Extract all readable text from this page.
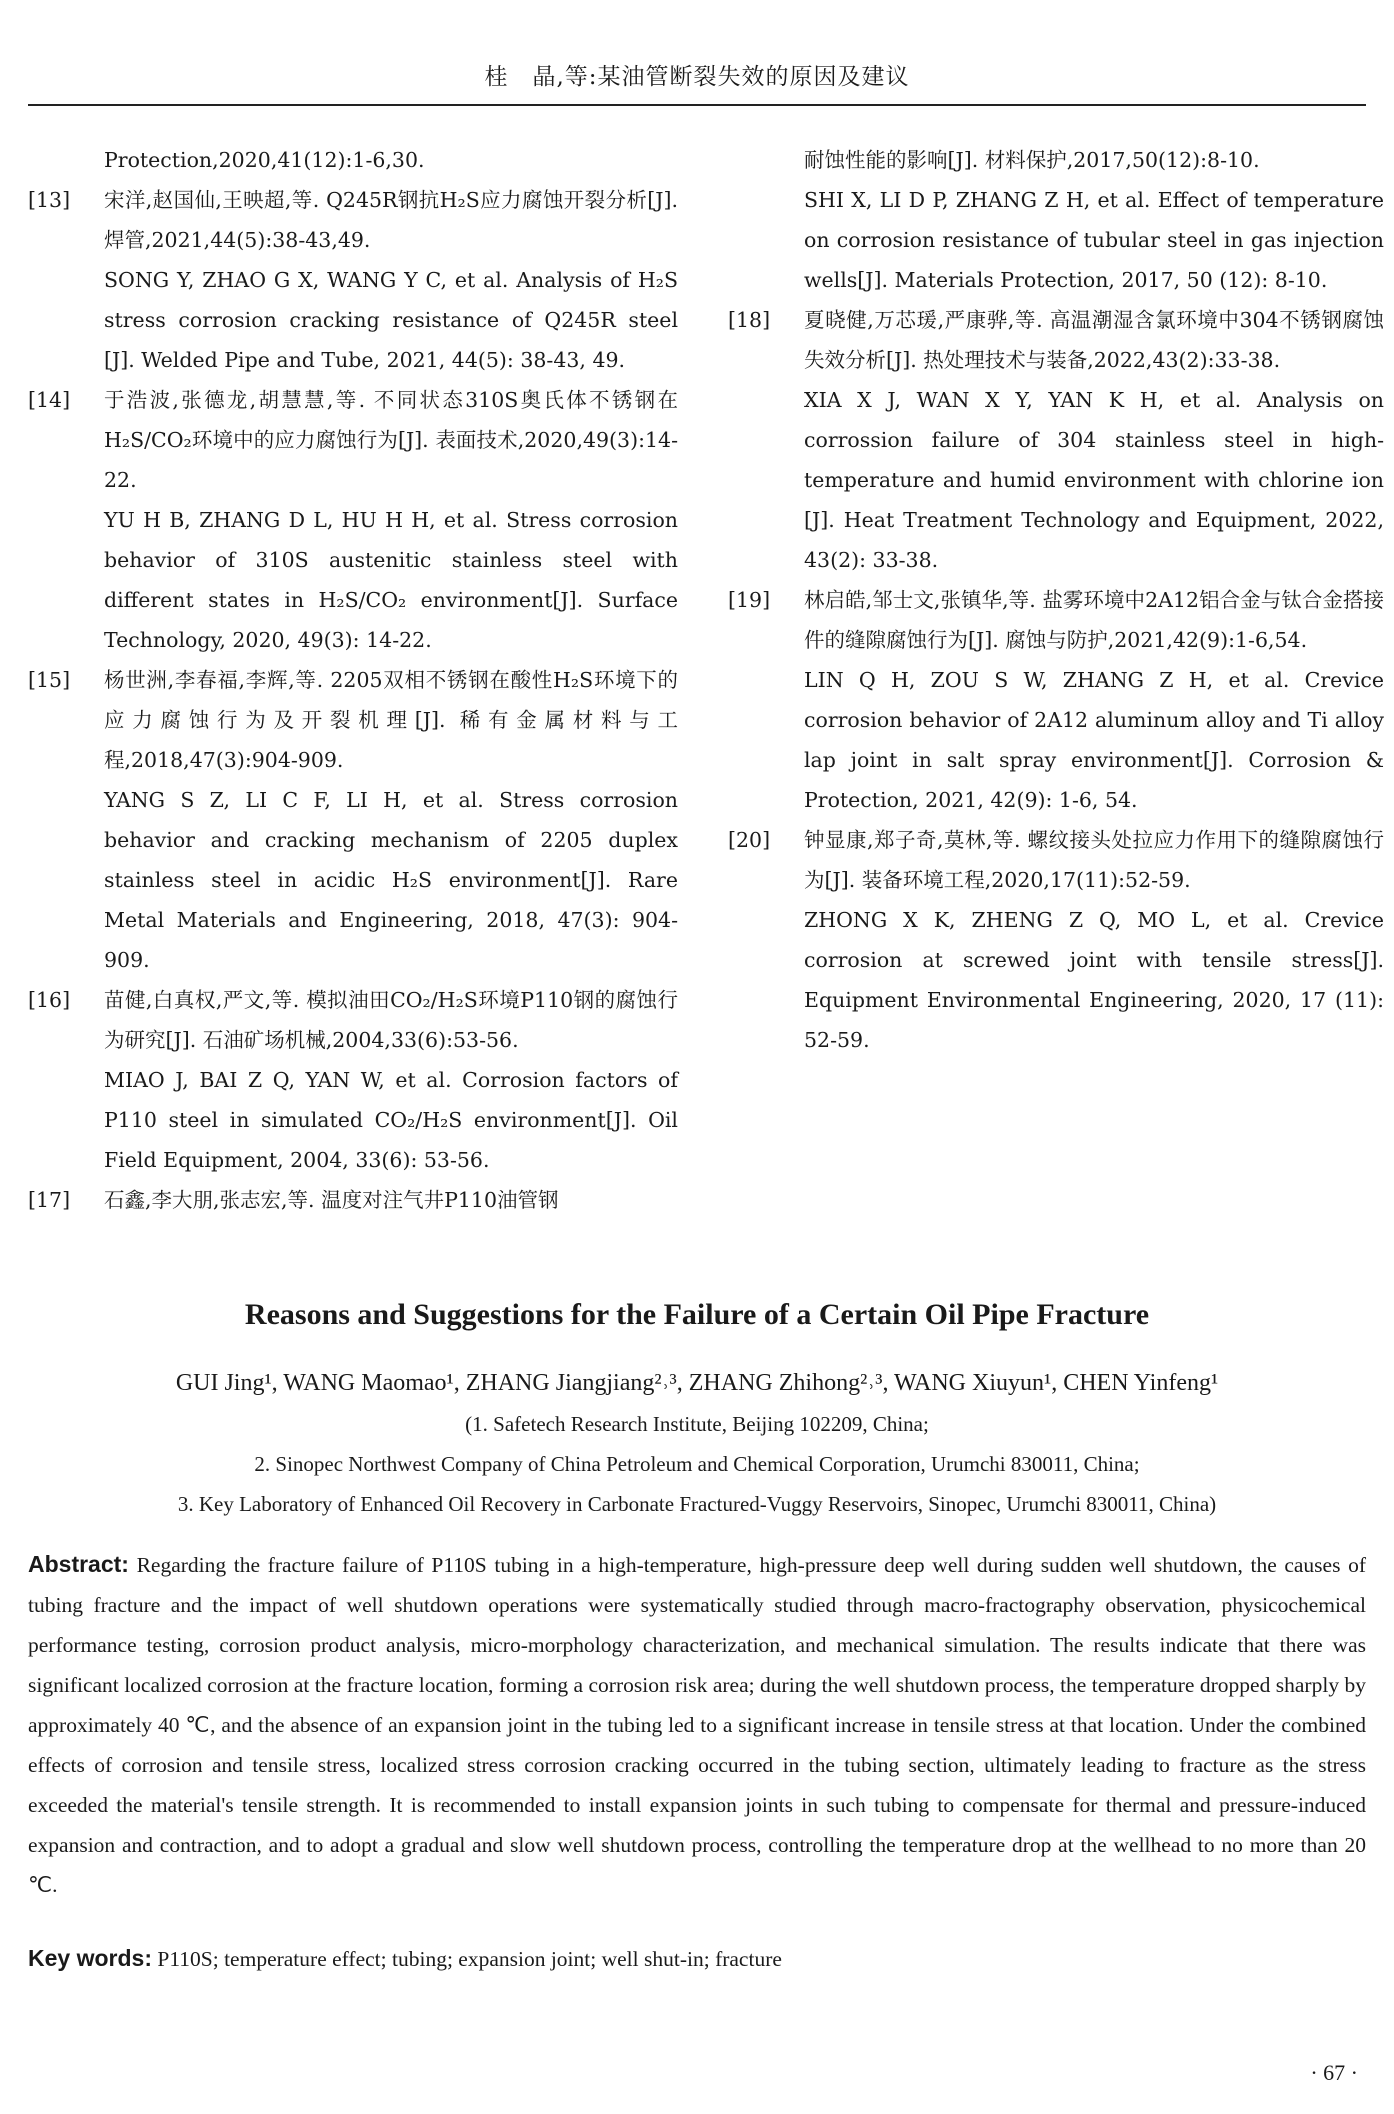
桂　晶,等:某油管断裂失效的原因及建议
Protection,2020,41(12):1-6,30.
[13] 宋洋,赵国仙,王映超,等. Q245R钢抗H₂S应力腐蚀开裂分析[J]. 焊管,2021,44(5):38-43,49.
SONG Y, ZHAO G X, WANG Y C, et al. Analysis of H₂S stress corrosion cracking resistance of Q245R steel [J]. Welded Pipe and Tube, 2021, 44(5): 38-43, 49.
[14] 于浩波,张德龙,胡慧慧,等. 不同状态310S奥氏体不锈钢在H₂S/CO₂环境中的应力腐蚀行为[J]. 表面技术,2020,49(3):14-22.
YU H B, ZHANG D L, HU H H, et al. Stress corrosion behavior of 310S austenitic stainless steel with different states in H₂S/CO₂ environment[J]. Surface Technology, 2020, 49(3): 14-22.
[15] 杨世洲,李春福,李辉,等. 2205双相不锈钢在酸性H₂S环境下的应力腐蚀行为及开裂机理[J]. 稀有金属材料与工程,2018,47(3):904-909.
YANG S Z, LI C F, LI H, et al. Stress corrosion behavior and cracking mechanism of 2205 duplex stainless steel in acidic H₂S environment[J]. Rare Metal Materials and Engineering, 2018, 47(3): 904-909.
[16] 苗健,白真权,严文,等. 模拟油田CO₂/H₂S环境P110钢的腐蚀行为研究[J]. 石油矿场机械,2004,33(6):53-56.
MIAO J, BAI Z Q, YAN W, et al. Corrosion factors of P110 steel in simulated CO₂/H₂S environment[J]. Oil Field Equipment, 2004, 33(6): 53-56.
[17] 石鑫,李大朋,张志宏,等. 温度对注气井P110油管钢
耐蚀性能的影响[J]. 材料保护,2017,50(12):8-10.
SHI X, LI D P, ZHANG Z H, et al. Effect of temperature on corrosion resistance of tubular steel in gas injection wells[J]. Materials Protection, 2017, 50 (12): 8-10.
[18] 夏晓健,万芯瑗,严康骅,等. 高温潮湿含氯环境中304不锈钢腐蚀失效分析[J]. 热处理技术与装备,2022,43(2):33-38.
XIA X J, WAN X Y, YAN K H, et al. Analysis on corrossion failure of 304 stainless steel in high-temperature and humid environment with chlorine ion [J]. Heat Treatment Technology and Equipment, 2022, 43(2): 33-38.
[19] 林启皓,邹士文,张镇华,等. 盐雾环境中2A12铝合金与钛合金搭接件的缝隙腐蚀行为[J]. 腐蚀与防护,2021,42(9):1-6,54.
LIN Q H, ZOU S W, ZHANG Z H, et al. Crevice corrosion behavior of 2A12 aluminum alloy and Ti alloy lap joint in salt spray environment[J]. Corrosion & Protection, 2021, 42(9): 1-6, 54.
[20] 钟显康,郑子奇,莫林,等. 螺纹接头处拉应力作用下的缝隙腐蚀行为[J]. 装备环境工程,2020,17(11):52-59.
ZHONG X K, ZHENG Z Q, MO L, et al. Crevice corrosion at screwed joint with tensile stress[J]. Equipment Environmental Engineering, 2020, 17 (11): 52-59.
Reasons and Suggestions for the Failure of a Certain Oil Pipe Fracture
GUI Jing¹, WANG Maomao¹, ZHANG Jiangjiang²˒³, ZHANG Zhihong²˒³, WANG Xiuyun¹, CHEN Yinfeng¹
(1. Safetech Research Institute, Beijing 102209, China;
2. Sinopec Northwest Company of China Petroleum and Chemical Corporation, Urumchi 830011, China;
3. Key Laboratory of Enhanced Oil Recovery in Carbonate Fractured-Vuggy Reservoirs, Sinopec, Urumchi 830011, China)
Abstract: Regarding the fracture failure of P110S tubing in a high-temperature, high-pressure deep well during sudden well shutdown, the causes of tubing fracture and the impact of well shutdown operations were systematically studied through macro-fractography observation, physicochemical performance testing, corrosion product analysis, micro-morphology characterization, and mechanical simulation. The results indicate that there was significant localized corrosion at the fracture location, forming a corrosion risk area; during the well shutdown process, the temperature dropped sharply by approximately 40 ℃, and the absence of an expansion joint in the tubing led to a significant increase in tensile stress at that location. Under the combined effects of corrosion and tensile stress, localized stress corrosion cracking occurred in the tubing section, ultimately leading to fracture as the stress exceeded the material's tensile strength. It is recommended to install expansion joints in such tubing to compensate for thermal and pressure-induced expansion and contraction, and to adopt a gradual and slow well shutdown process, controlling the temperature drop at the wellhead to no more than 20 ℃.
Key words: P110S; temperature effect; tubing; expansion joint; well shut-in; fracture
· 67 ·
